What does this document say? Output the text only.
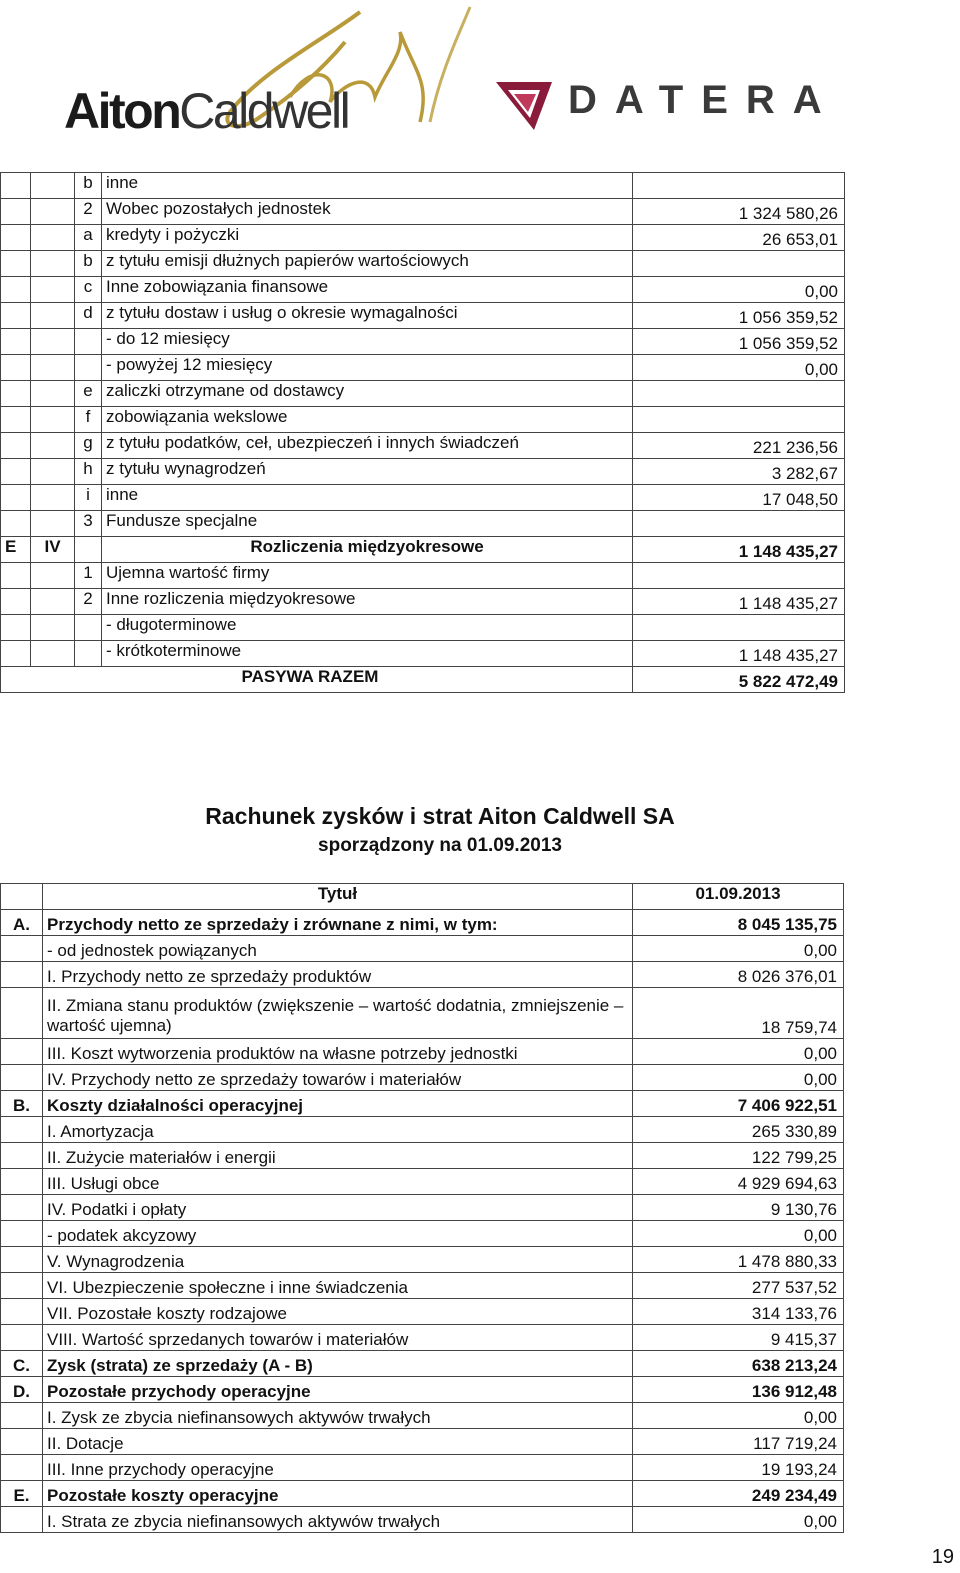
AitonCaldwell	DATERA
		b	inne	
		2	Wobec pozostałych jednostek	1 324 580,26
		a	kredyty i pożyczki	26 653,01
		b	z tytułu emisji dłużnych papierów wartościowych	
		c	Inne zobowiązania finansowe	0,00
		d	z tytułu dostaw i usług o okresie wymagalności	1 056 359,52
			- do 12 miesięcy	1 056 359,52
			- powyżej 12 miesięcy	0,00
		e	zaliczki otrzymane od dostawcy	
		f	zobowiązania wekslowe	
		g	z tytułu podatków, ceł, ubezpieczeń i innych świadczeń	221 236,56
		h	z tytułu wynagrodzeń	3 282,67
		i	inne	17 048,50
		3	Fundusze specjalne	
E	IV		Rozliczenia międzyokresowe	1 148 435,27
		1	Ujemna wartość firmy	
		2	Inne rozliczenia międzyokresowe	1 148 435,27
			- długoterminowe	
			- krótkoterminowe	1 148 435,27
			PASYWA RAZEM	5 822 472,49
Rachunek zysków i strat Aiton Caldwell SA
sporządzony na 01.09.2013
	Tytuł	01.09.2013
A.	Przychody netto ze sprzedaży i zrównane z nimi, w tym:	8 045 135,75
	- od jednostek powiązanych	0,00
	I. Przychody netto ze sprzedaży produktów	8 026 376,01
	II. Zmiana stanu produktów (zwiększenie – wartość dodatnia, zmniejszenie – wartość ujemna)	18 759,74
	III. Koszt wytworzenia produktów na własne potrzeby jednostki	0,00
	IV. Przychody netto ze sprzedaży towarów i materiałów	0,00
B.	Koszty działalności operacyjnej	7 406 922,51
	I. Amortyzacja	265 330,89
	II. Zużycie materiałów i energii	122 799,25
	III. Usługi obce	4 929 694,63
	IV. Podatki i opłaty	9 130,76
	- podatek akcyzowy	0,00
	V. Wynagrodzenia	1 478 880,33
	VI. Ubezpieczenie społeczne i inne świadczenia	277 537,52
	VII. Pozostałe koszty rodzajowe	314 133,76
	VIII. Wartość sprzedanych towarów i materiałów	9 415,37
C.	Zysk (strata) ze sprzedaży (A - B)	638 213,24
D.	Pozostałe przychody operacyjne	136 912,48
	I. Zysk ze zbycia niefinansowych aktywów trwałych	0,00
	II. Dotacje	117 719,24
	III. Inne przychody operacyjne	19 193,24
E.	Pozostałe koszty operacyjne	249 234,49
	I. Strata ze zbycia niefinansowych aktywów trwałych	0,00
19
